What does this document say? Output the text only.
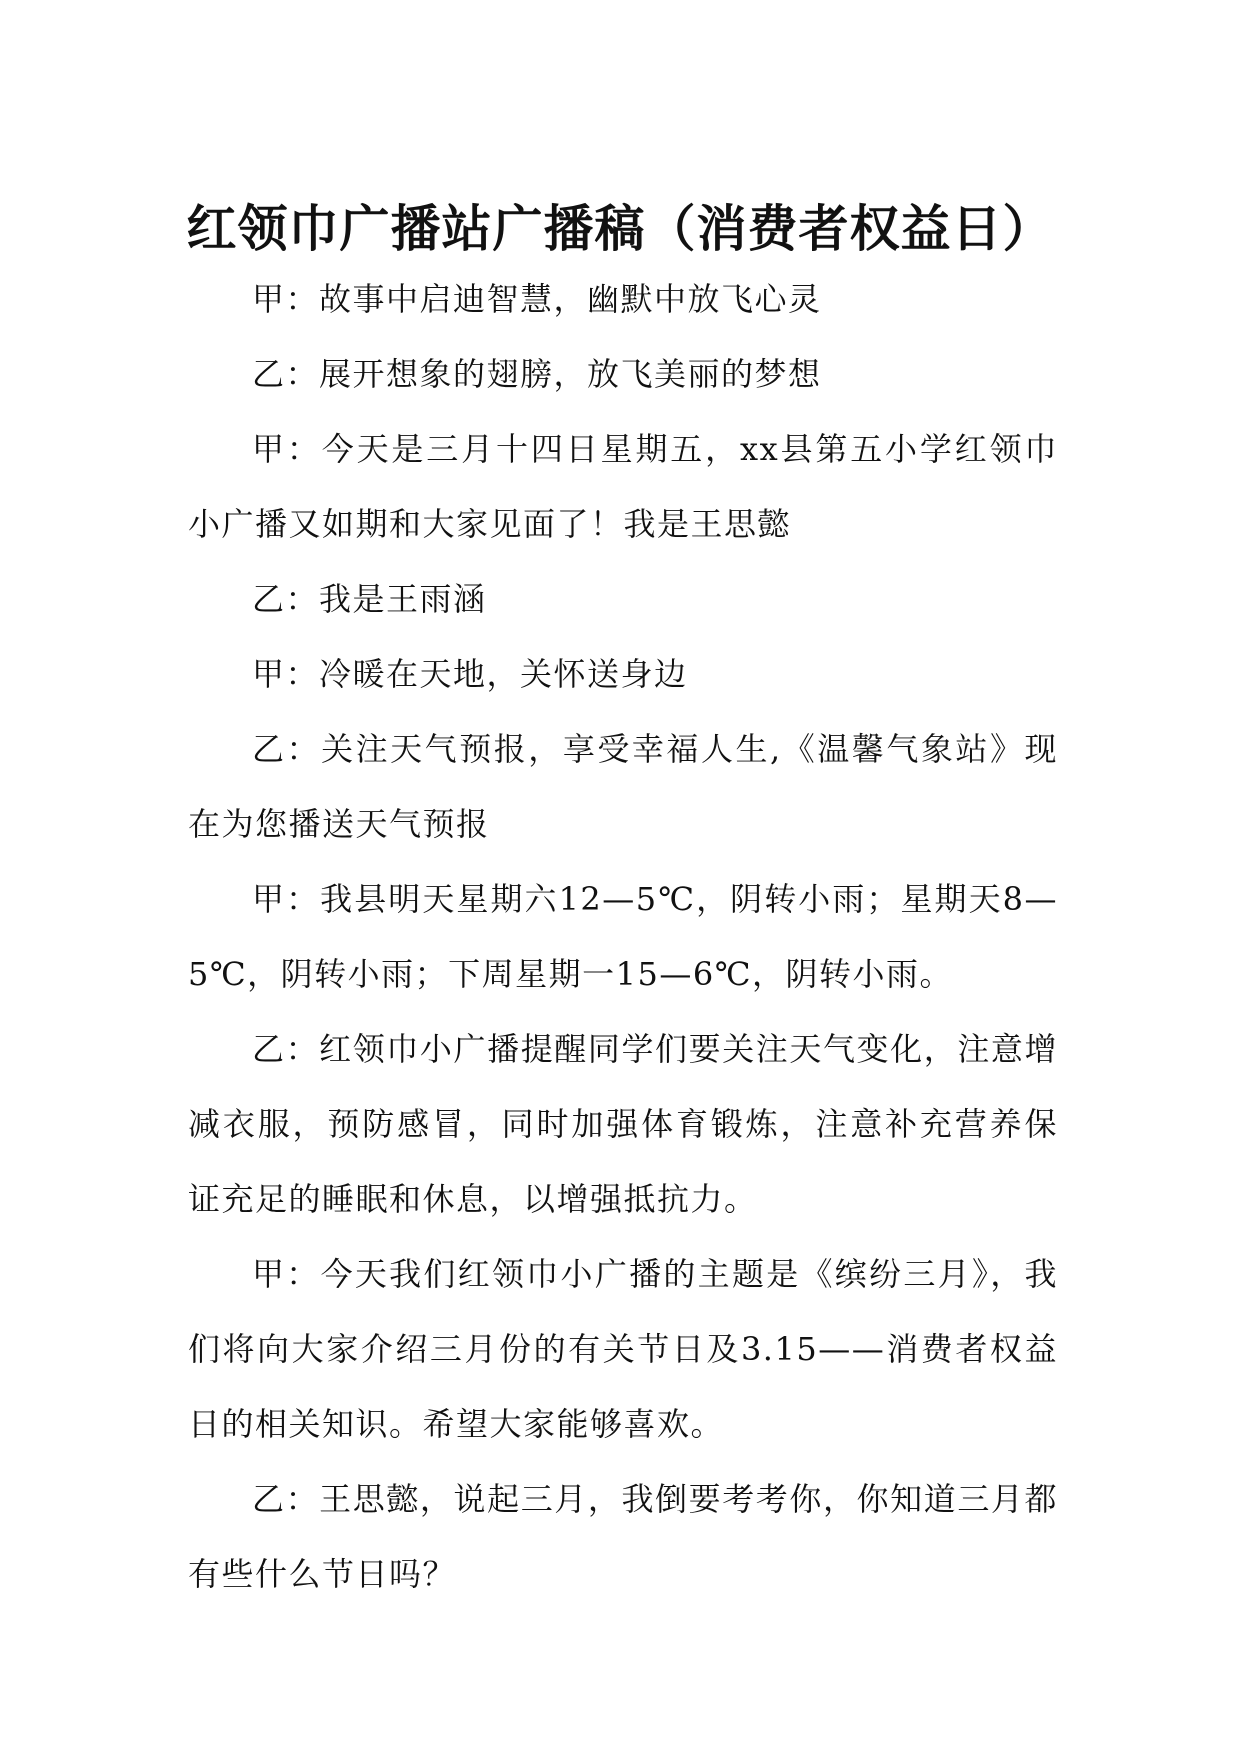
红领巾广播站广播稿（消费者权益日）

甲：故事中启迪智慧，幽默中放飞心灵

乙：展开想象的翅膀，放飞美丽的梦想

甲：今天是三月十四日星期五，xx县第五小学红领巾小广播又如期和大家见面了！我是王思懿

乙：我是王雨涵

甲：冷暖在天地，关怀送身边

乙：关注天气预报，享受幸福人生,《温馨气象站》现在为您播送天气预报

甲：我县明天星期六12—5℃，阴转小雨；星期天8—5℃，阴转小雨；下周星期一15—6℃，阴转小雨。

乙：红领巾小广播提醒同学们要关注天气变化，注意增减衣服，预防感冒，同时加强体育锻炼，注意补充营养保证充足的睡眠和休息，以增强抵抗力。

甲：今天我们红领巾小广播的主题是《缤纷三月》，我们将向大家介绍三月份的有关节日及3.15——消费者权益日的相关知识。希望大家能够喜欢。

乙：王思懿，说起三月，我倒要考考你，你知道三月都有些什么节日吗？
